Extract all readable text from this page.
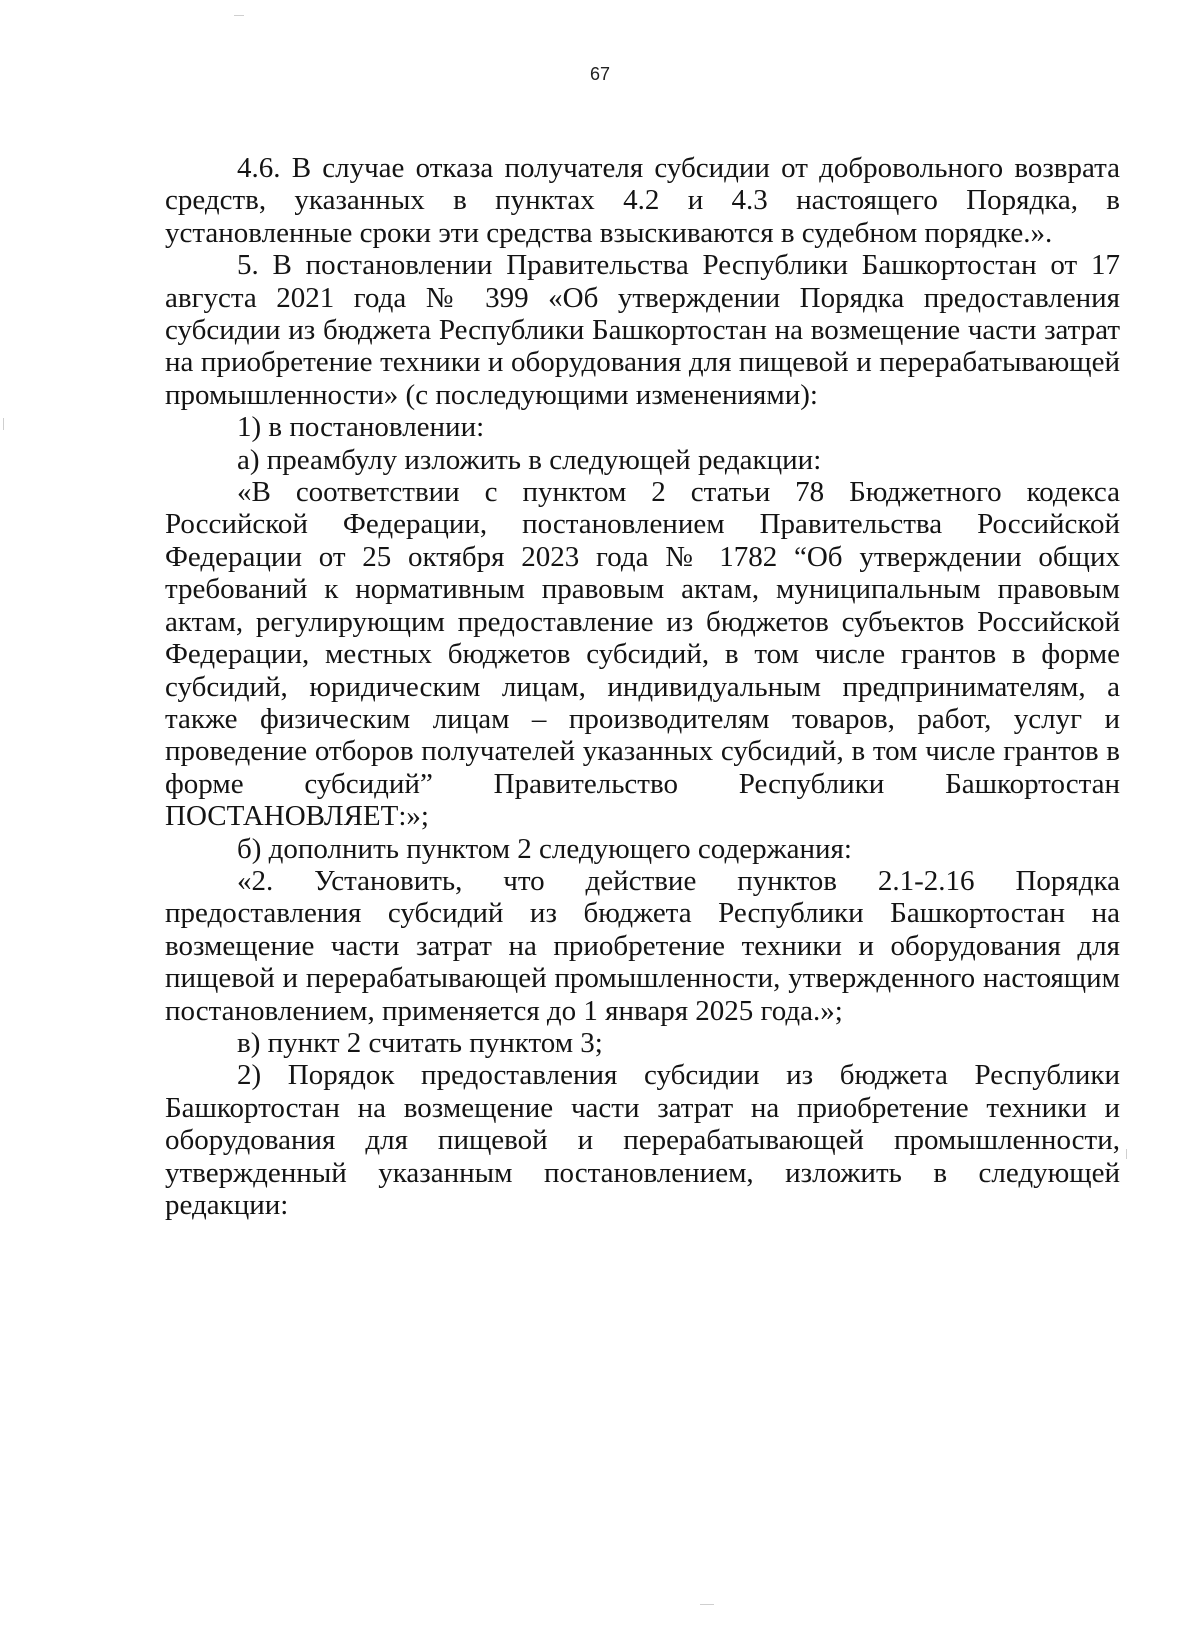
67

4.6. В случае отказа получателя субсидии от добровольного возврата средств, указанных в пунктах 4.2 и 4.3 настоящего Порядка, в установленные сроки эти средства взыскиваются в судебном порядке.».

5. В постановлении Правительства Республики Башкортостан от 17 августа 2021 года № 399 «Об утверждении Порядка предоставления субсидии из бюджета Республики Башкортостан на возмещение части затрат на приобретение техники и оборудования для пищевой и перерабатывающей промышленности» (с последующими изменениями):

1) в постановлении:

а) преамбулу изложить в следующей редакции:

«В соответствии с пунктом 2 статьи 78 Бюджетного кодекса Российской Федерации, постановлением Правительства Российской Федерации от 25 октября 2023 года № 1782 “Об утверждении общих требований к нормативным правовым актам, муниципальным правовым актам, регулирующим предоставление из бюджетов субъектов Российской Федерации, местных бюджетов субсидий, в том числе грантов в форме субсидий, юридическим лицам, индивидуальным предпринимателям, а также физическим лицам – производителям товаров, работ, услуг и проведение отборов получателей указанных субсидий, в том числе грантов в форме субсидий” Правительство Республики Башкортостан ПОСТАНОВЛЯЕТ:»;

б) дополнить пунктом 2 следующего содержания:

«2. Установить, что действие пунктов 2.1-2.16 Порядка предоставления субсидий из бюджета Республики Башкортостан на возмещение части затрат на приобретение техники и оборудования для пищевой и перерабатывающей промышленности, утвержденного настоящим постановлением, применяется до 1 января 2025 года.»;

в) пункт 2 считать пунктом 3;

2) Порядок предоставления субсидии из бюджета Республики Башкортостан на возмещение части затрат на приобретение техники и оборудования для пищевой и перерабатывающей промышленности, утвержденный указанным постановлением, изложить в следующей редакции:
